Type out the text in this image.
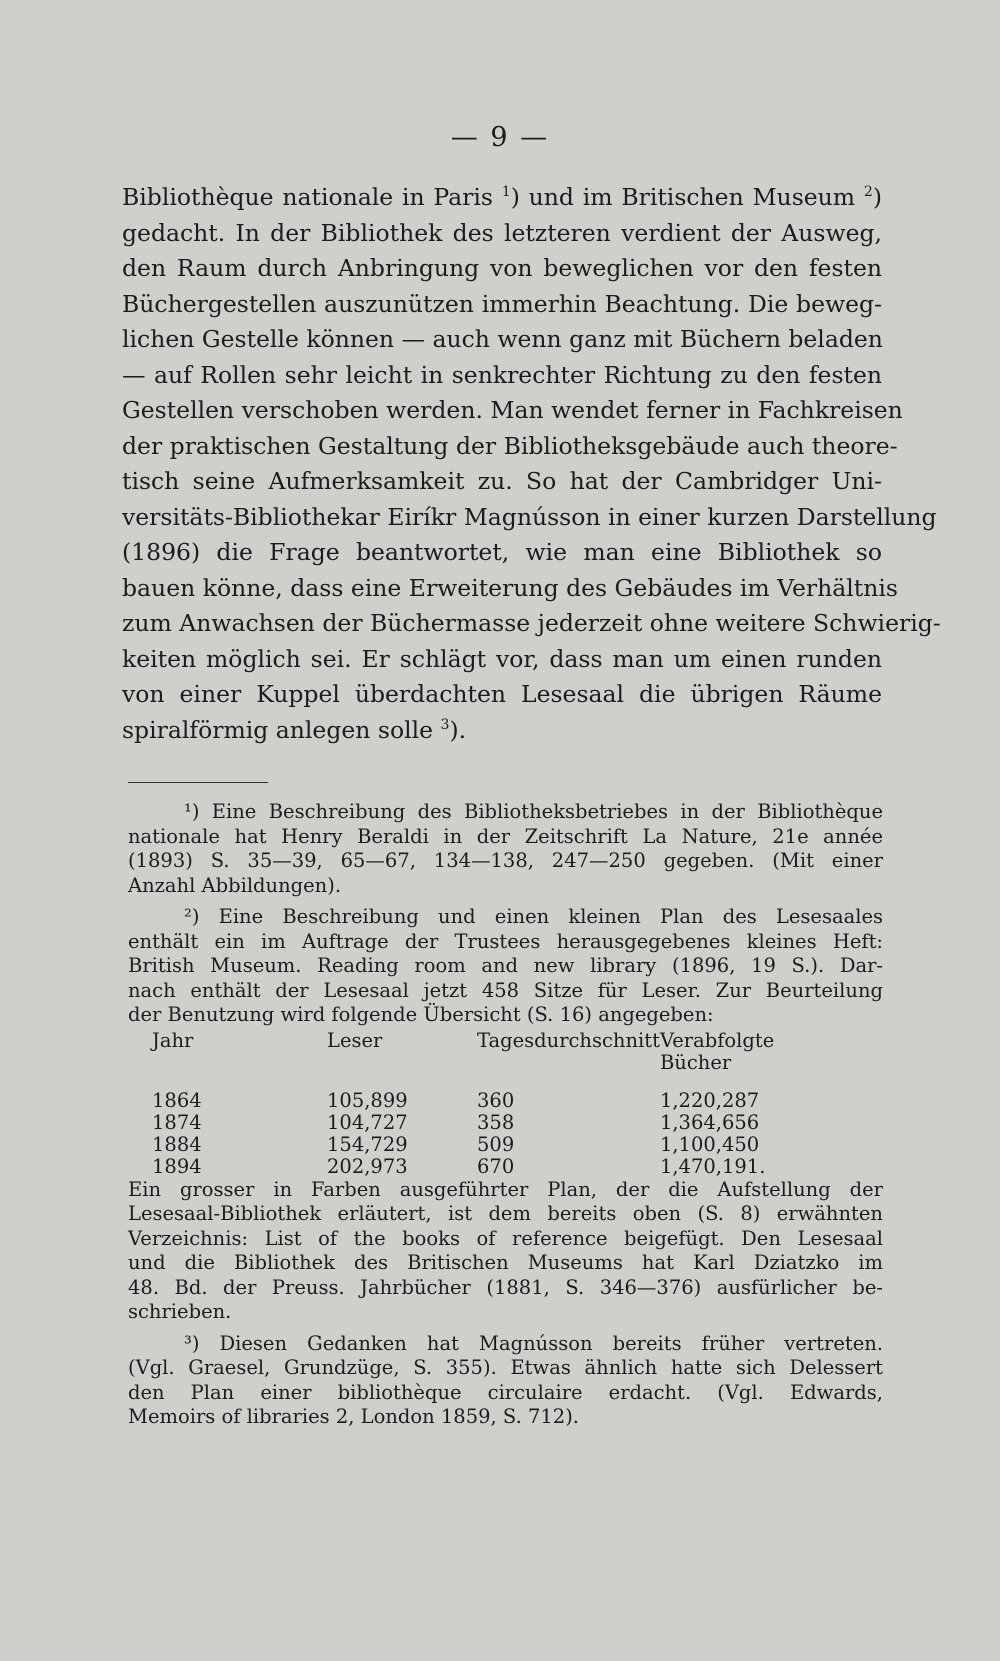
— 9 —
Bibliothèque nationale in Paris $^1$) und im Britischen Museum $^2$)
gedacht. In der Bibliothek des letzteren verdient der Ausweg,
den Raum durch Anbringung von beweglichen vor den festen
Büchergestellen auszunützen immerhin Beachtung. Die beweg-
lichen Gestelle können — auch wenn ganz mit Büchern beladen
— auf Rollen sehr leicht in senkrechter Richtung zu den festen
Gestellen verschoben werden. Man wendet ferner in Fachkreisen
der praktischen Gestaltung der Bibliotheksgebäude auch theore-
tisch seine Aufmerksamkeit zu. So hat der Cambridger Uni-
versitäts-Bibliothekar Eiríkr Magnússon in einer kurzen Darstellung
(1896) die Frage beantwortet, wie man eine Bibliothek so
bauen könne, dass eine Erweiterung des Gebäudes im Verhältnis
zum Anwachsen der Büchermasse jederzeit ohne weitere Schwierig-
keiten möglich sei. Er schlägt vor, dass man um einen runden
von einer Kuppel überdachten Lesesaal die übrigen Räume
spiralförmig anlegen solle $^3$).
¹) Eine Beschreibung des Bibliotheksbetriebes in der Bibliothèque
nationale hat Henry Beraldi in der Zeitschrift La Nature, 21e année
(1893) S. 35—39, 65—67, 134—138, 247—250 gegeben. (Mit einer
Anzahl Abbildungen).
²) Eine Beschreibung und einen kleinen Plan des Lesesaales
enthält ein im Auftrage der Trustees herausgegebenes kleines Heft:
British Museum. Reading room and new library (1896, 19 S.). Dar-
nach enthält der Lesesaal jetzt 458 Sitze für Leser. Zur Beurteilung
der Benutzung wird folgende Übersicht (S. 16) angegeben:
Jahr	Leser	Tagesdurchschnitt	Verabfolgte Bücher

1864	105,899	360	1,220,287
1874	104,727	358	1,364,656
1884	154,729	509	1,100,450
1894	202,973	670	1,470,191.
Ein grosser in Farben ausgeführter Plan, der die Aufstellung der
Lesesaal-Bibliothek erläutert, ist dem bereits oben (S. 8) erwähnten
Verzeichnis: List of the books of reference beigefügt. Den Lesesaal
und die Bibliothek des Britischen Museums hat Karl Dziatzko im
48. Bd. der Preuss. Jahrbücher (1881, S. 346—376) ausfürlicher be-
schrieben.
³) Diesen Gedanken hat Magnússon bereits früher vertreten.
(Vgl. Graesel, Grundzüge, S. 355). Etwas ähnlich hatte sich Delessert
den Plan einer bibliothèque circulaire erdacht. (Vgl. Edwards,
Memoirs of libraries 2, London 1859, S. 712).
